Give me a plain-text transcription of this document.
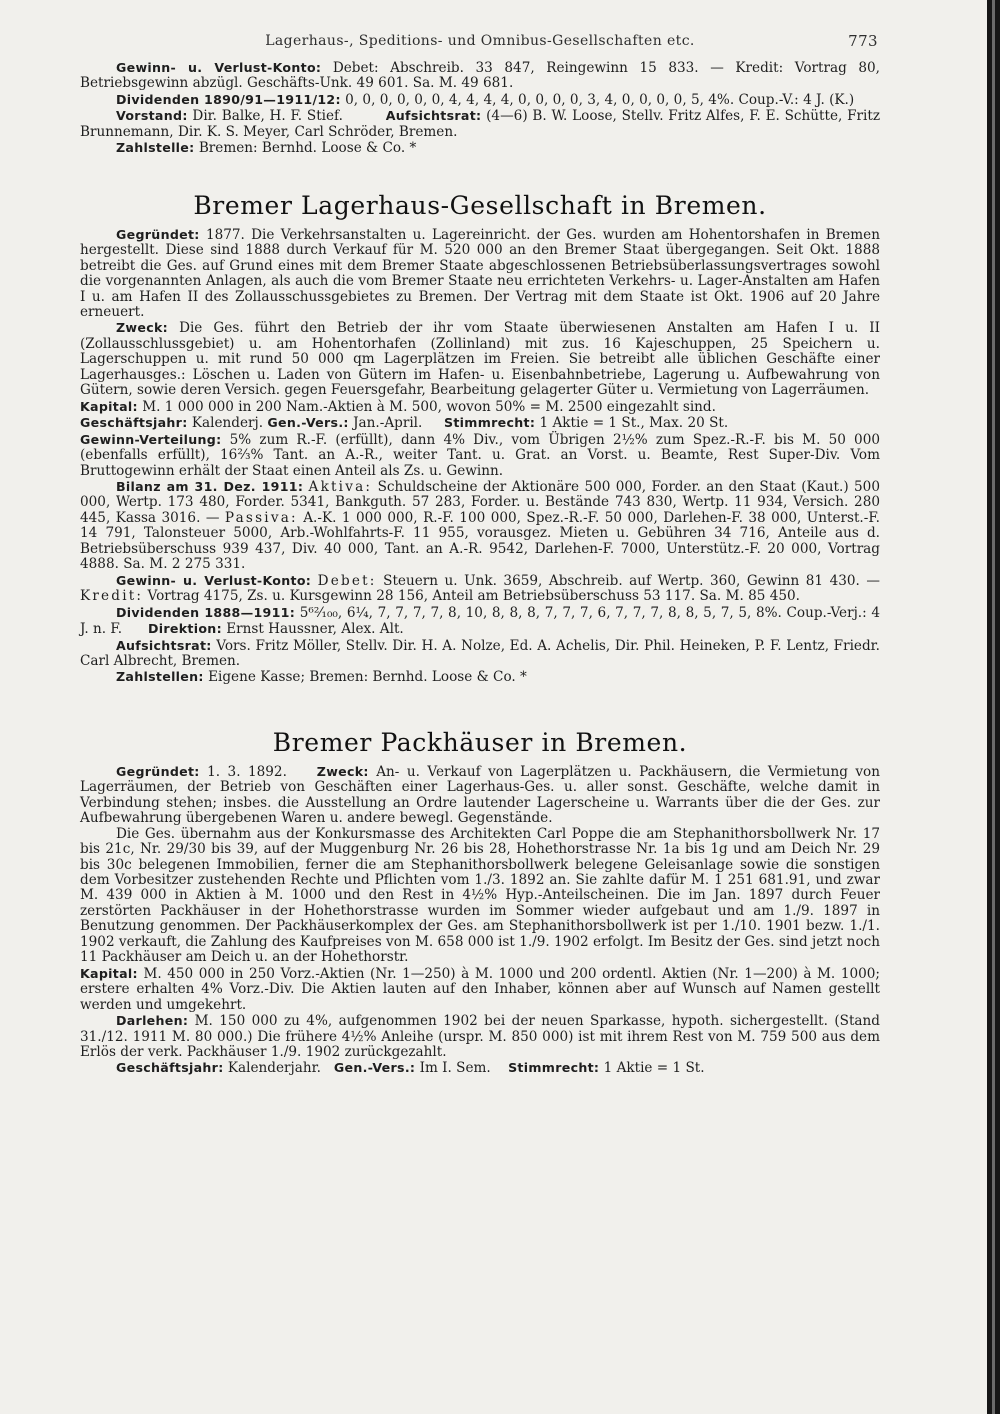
Lagerhaus-, Speditions- und Omnibus-Gesellschaften etc.	773

Gewinn- u. Verlust-Konto: Debet: Abschreib. 33 847, Reingewinn 15 833. — Kredit: Vortrag 80, Betriebsgewinn abzügl. Geschäfts-Unk. 49 601. Sa. M. 49 681.

Dividenden 1890/91—1911/12: 0, 0, 0, 0, 0, 0, 4, 4, 4, 4, 0, 0, 0, 0, 3, 4, 0, 0, 0, 0, 5, 4%. Coup.-V.: 4 J. (K.)

Vorstand: Dir. Balke, H. F. Stief.	Aufsichtsrat: (4—6) B. W. Loose, Stellv. Fritz Alfes, F. E. Schütte, Fritz Brunnemann, Dir. K. S. Meyer, Carl Schröder, Bremen.

Zahlstelle: Bremen: Bernhd. Loose & Co. *

Bremer Lagerhaus-Gesellschaft in Bremen.

Gegründet: 1877. Die Verkehrsanstalten u. Lagereinricht. der Ges. wurden am Hohentorshafen in Bremen hergestellt. Diese sind 1888 durch Verkauf für M. 520 000 an den Bremer Staat übergegangen. Seit Okt. 1888 betreibt die Ges. auf Grund eines mit dem Bremer Staate abgeschlossenen Betriebsüberlassungsvertrages sowohl die vorgenannten Anlagen, als auch die vom Bremer Staate neu errichteten Verkehrs- u. Lager-Anstalten am Hafen I u. am Hafen II des Zollausschussgebietes zu Bremen. Der Vertrag mit dem Staate ist Okt. 1906 auf 20 Jahre erneuert.

Zweck: Die Ges. führt den Betrieb der ihr vom Staate überwiesenen Anstalten am Hafen I u. II (Zollausschlussgebiet) u. am Hohentorhafen (Zollinland) mit zus. 16 Kajeschuppen, 25 Speichern u. Lagerschuppen u. mit rund 50 000 qm Lagerplätzen im Freien. Sie betreibt alle üblichen Geschäfte einer Lagerhausges.: Löschen u. Laden von Gütern im Hafen- u. Eisenbahnbetriebe, Lagerung u. Aufbewahrung von Gütern, sowie deren Versich. gegen Feuersgefahr, Bearbeitung gelagerter Güter u. Vermietung von Lagerräumen.

Kapital: M. 1 000 000 in 200 Nam.-Aktien à M. 500, wovon 50% = M. 2500 eingezahlt sind.

Geschäftsjahr: Kalenderj. Gen.-Vers.: Jan.-April. Stimmrecht: 1 Aktie = 1 St., Max. 20 St.

Gewinn-Verteilung: 5% zum R.-F. (erfüllt), dann 4% Div., vom Übrigen 2½% zum Spez.-R.-F. bis M. 50 000 (ebenfalls erfüllt), 16⅔% Tant. an A.-R., weiter Tant. u. Grat. an Vorst. u. Beamte, Rest Super-Div. Vom Bruttogewinn erhält der Staat einen Anteil als Zs. u. Gewinn.

Bilanz am 31. Dez. 1911: Aktiva: Schuldscheine der Aktionäre 500 000, Forder. an den Staat (Kaut.) 500 000, Wertp. 173 480, Forder. 5341, Bankguth. 57 283, Forder. u. Bestände 743 830, Wertp. 11 934, Versich. 280 445, Kassa 3016. — Passiva: A.-K. 1 000 000, R.-F. 100 000, Spez.-R.-F. 50 000, Darlehen-F. 38 000, Unterst.-F. 14 791, Talonsteuer 5000, Arb.-Wohlfahrts-F. 11 955, vorausgez. Mieten u. Gebühren 34 716, Anteile aus d. Betriebsüberschuss 939 437, Div. 40 000, Tant. an A.-R. 9542, Darlehen-F. 7000, Unterstütz.-F. 20 000, Vortrag 4888. Sa. M. 2 275 331.

Gewinn- u. Verlust-Konto: Debet: Steuern u. Unk. 3659, Abschreib. auf Wertp. 360, Gewinn 81 430. — Kredit: Vortrag 4175, Zs. u. Kursgewinn 28 156, Anteil am Betriebsüberschuss 53 117. Sa. M. 85 450.

Dividenden 1888—1911: 5⁶²⁄₁₀₀, 6¼, 7, 7, 7, 7, 8, 10, 8, 8, 8, 7, 7, 7, 6, 7, 7, 7, 8, 8, 5, 7, 5, 8%. Coup.-Verj.: 4 J. n. F. Direktion: Ernst Haussner, Alex. Alt.

Aufsichtsrat: Vors. Fritz Möller, Stellv. Dir. H. A. Nolze, Ed. A. Achelis, Dir. Phil. Heineken, P. F. Lentz, Friedr. Carl Albrecht, Bremen.

Zahlstellen: Eigene Kasse; Bremen: Bernhd. Loose & Co. *

Bremer Packhäuser in Bremen.

Gegründet: 1. 3. 1892. Zweck: An- u. Verkauf von Lagerplätzen u. Packhäusern, die Vermietung von Lagerräumen, der Betrieb von Geschäften einer Lagerhaus-Ges. u. aller sonst. Geschäfte, welche damit in Verbindung stehen; insbes. die Ausstellung an Ordre lautender Lagerscheine u. Warrants über die der Ges. zur Aufbewahrung übergebenen Waren u. andere bewegl. Gegenstände.

Die Ges. übernahm aus der Konkursmasse des Architekten Carl Poppe die am Stephanithorsbollwerk Nr. 17 bis 21c, Nr. 29/30 bis 39, auf der Muggenburg Nr. 26 bis 28, Hohethorstrasse Nr. 1a bis 1g und am Deich Nr. 29 bis 30c belegenen Immobilien, ferner die am Stephanithorsbollwerk belegene Geleisanlage sowie die sonstigen dem Vorbesitzer zustehenden Rechte und Pflichten vom 1./3. 1892 an. Sie zahlte dafür M. 1 251 681.91, und zwar M. 439 000 in Aktien à M. 1000 und den Rest in 4½% Hyp.-Anteilscheinen. Die im Jan. 1897 durch Feuer zerstörten Packhäuser in der Hohethorstrasse wurden im Sommer wieder aufgebaut und am 1./9. 1897 in Benutzung genommen. Der Packhäuserkomplex der Ges. am Stephanithorsbollwerk ist per 1./10. 1901 bezw. 1./1. 1902 verkauft, die Zahlung des Kaufpreises von M. 658 000 ist 1./9. 1902 erfolgt. Im Besitz der Ges. sind jetzt noch 11 Packhäuser am Deich u. an der Hohethorstr.

Kapital: M. 450 000 in 250 Vorz.-Aktien (Nr. 1—250) à M. 1000 und 200 ordentl. Aktien (Nr. 1—200) à M. 1000; erstere erhalten 4% Vorz.-Div. Die Aktien lauten auf den Inhaber, können aber auf Wunsch auf Namen gestellt werden und umgekehrt.

Darlehen: M. 150 000 zu 4%, aufgenommen 1902 bei der neuen Sparkasse, hypoth. sichergestellt. (Stand 31./12. 1911 M. 80 000.) Die frühere 4½% Anleihe (urspr. M. 850 000) ist mit ihrem Rest von M. 759 500 aus dem Erlös der verk. Packhäuser 1./9. 1902 zurückgezahlt.

Geschäftsjahr: Kalenderjahr. Gen.-Vers.: Im I. Sem. Stimmrecht: 1 Aktie = 1 St.
